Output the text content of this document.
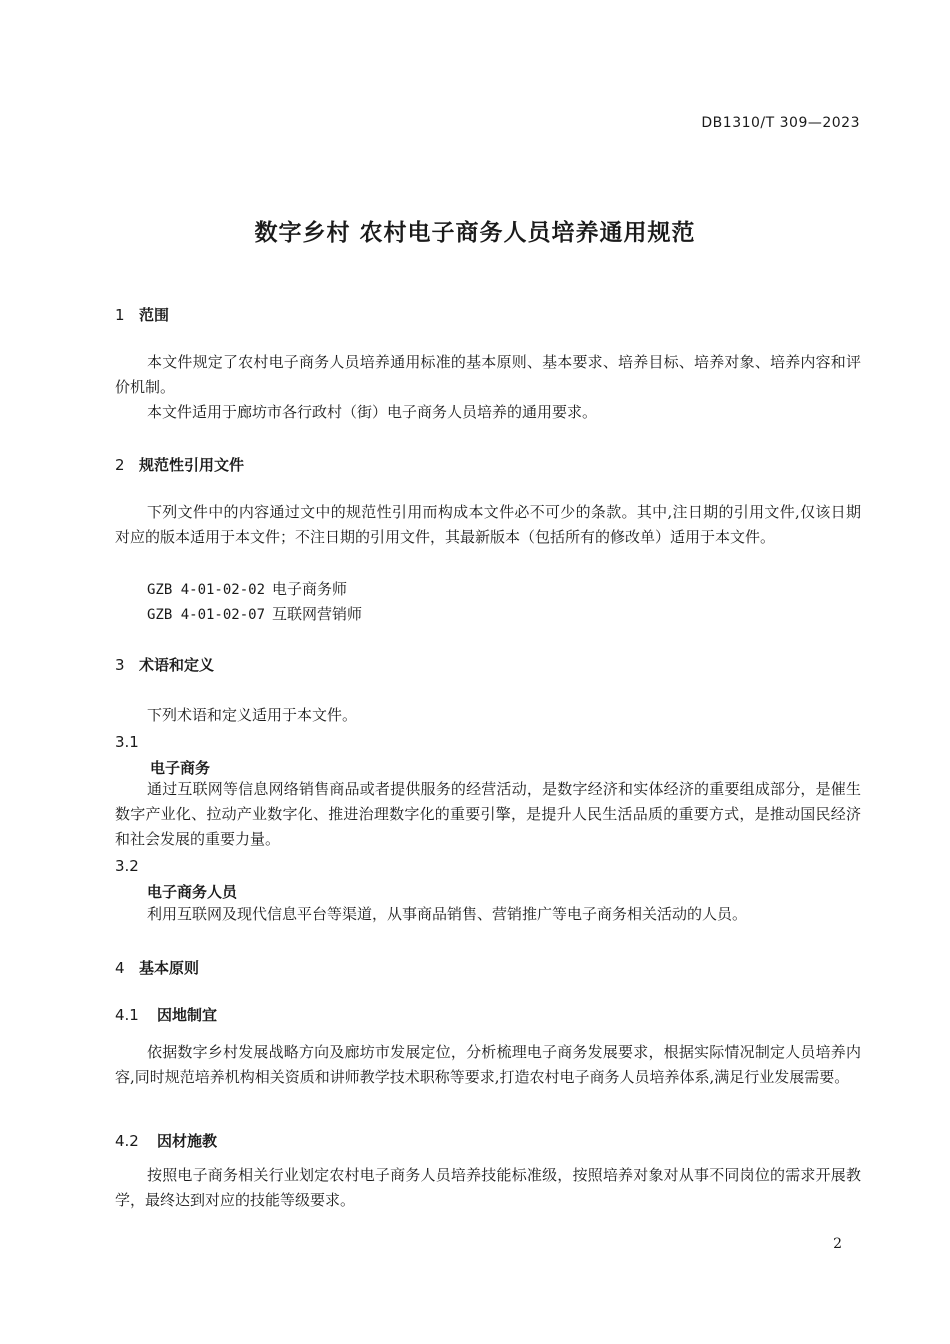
DB1310/T 309—2023
数字乡村 农村电子商务人员培养通用规范
1 范围
本文件规定了农村电子商务人员培养通用标准的基本原则、基本要求、培养目标、培养对象、培养内容和评价机制。
本文件适用于廊坊市各行政村（街）电子商务人员培养的通用要求。
2 规范性引用文件
下列文件中的内容通过文中的规范性引用而构成本文件必不可少的条款。其中,注日期的引用文件,仅该日期对应的版本适用于本文件；不注日期的引用文件，其最新版本（包括所有的修改单）适用于本文件。
GZB 4-01-02-02 电子商务师
GZB 4-01-02-07 互联网营销师
3 术语和定义
下列术语和定义适用于本文件。
3.1
电子商务
通过互联网等信息网络销售商品或者提供服务的经营活动，是数字经济和实体经济的重要组成部分，是催生数字产业化、拉动产业数字化、推进治理数字化的重要引擎，是提升人民生活品质的重要方式，是推动国民经济和社会发展的重要力量。
3.2
电子商务人员
利用互联网及现代信息平台等渠道，从事商品销售、营销推广等电子商务相关活动的人员。
4 基本原则
4.1 因地制宜
依据数字乡村发展战略方向及廊坊市发展定位，分析梳理电子商务发展要求，根据实际情况制定人员培养内容,同时规范培养机构相关资质和讲师教学技术职称等要求,打造农村电子商务人员培养体系,满足行业发展需要。
4.2 因材施教
按照电子商务相关行业划定农村电子商务人员培养技能标准级，按照培养对象对从事不同岗位的需求开展教学，最终达到对应的技能等级要求。
2
